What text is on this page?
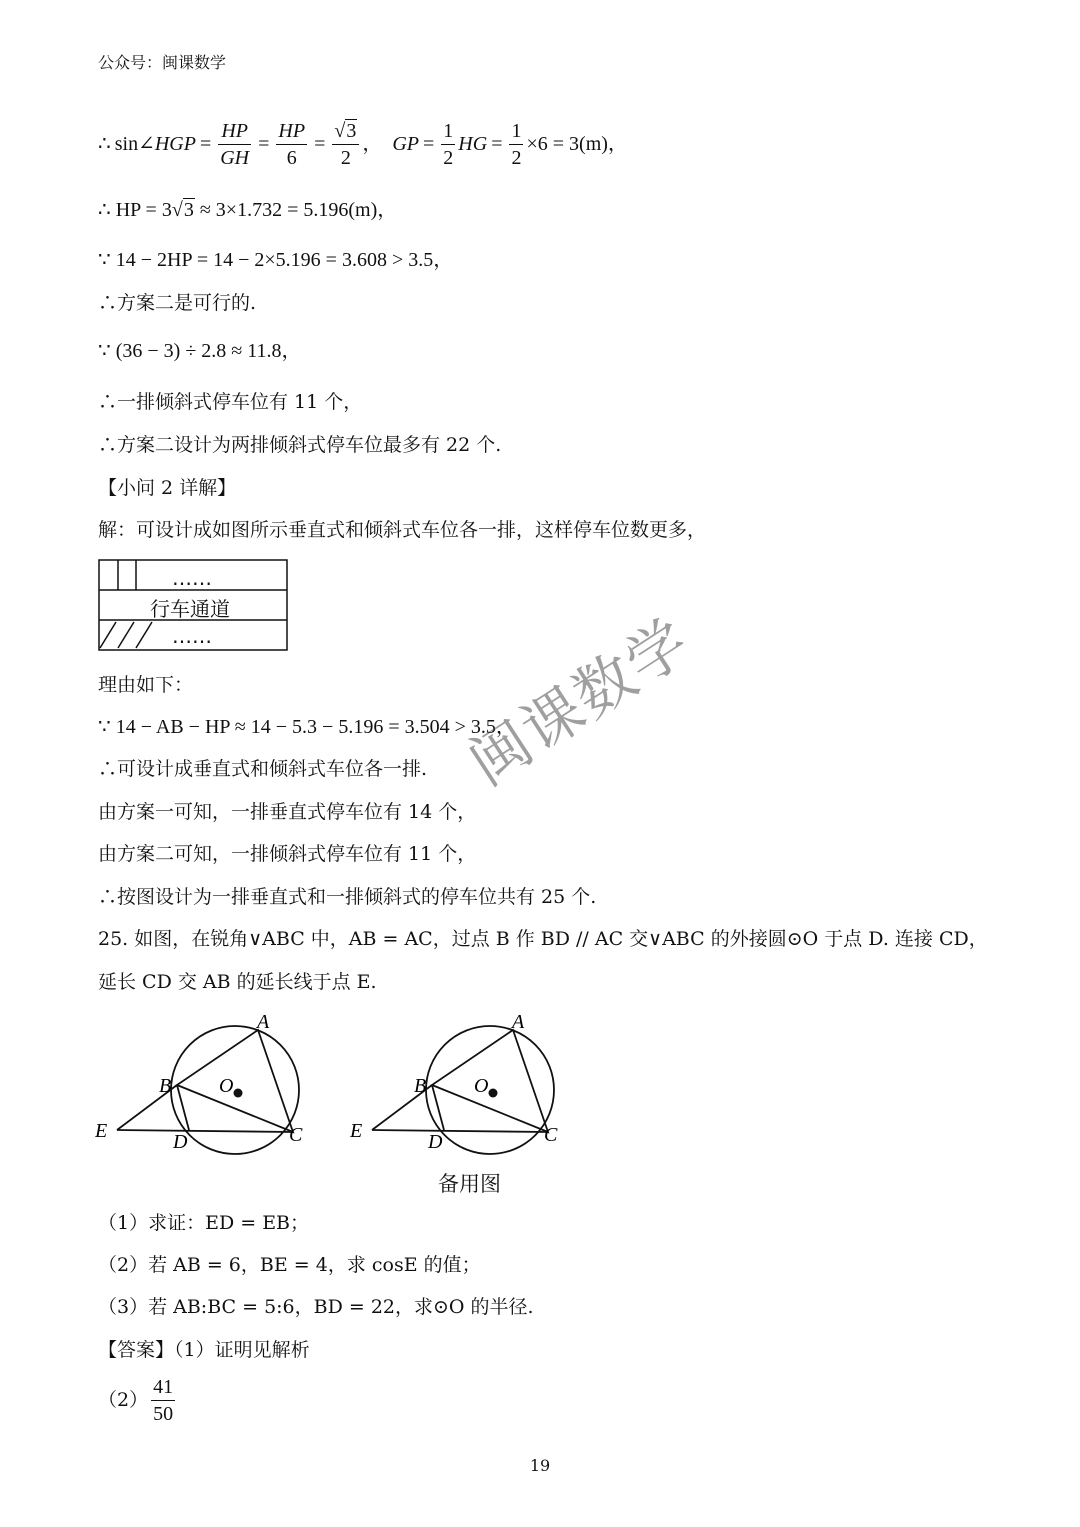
公众号：闽课数学
∴ sin∠ HGP = $\frac{HP}{GH} = \frac{HP}{6} = \frac{√3}{2}$ ， GP = $\frac{1}{2}$ HG = $\frac{1}{2} \times 6 = 3(m)$，
∴ HP = 3√3 ≈ 3×1.732 = 5.196(m)，
∵ 14 − 2HP = 14 − 2×5.196 = 3.608 > 3.5，
∴方案二是可行的.
∵ (36 − 3) ÷ 2.8 ≈ 11.8，
∴一排倾斜式停车位有 11 个，
∴方案二设计为两排倾斜式停车位最多有 22 个.
【小问 2 详解】
解：可设计成如图所示垂直式和倾斜式车位各一排，这样停车位数更多，
……
行车通道
……
理由如下：
∵ 14 − AB − HP ≈ 14 − 5.3 − 5.196 = 3.504 > 3.5，
∴可设计成垂直式和倾斜式车位各一排.
由方案一可知，一排垂直式停车位有 14 个，
由方案二可知，一排倾斜式停车位有 11 个，
∴按图设计为一排垂直式和一排倾斜式的停车位共有 25 个.
25. 如图，在锐角∨ABC 中，AB = AC，过点 B 作 BD // AC 交∨ABC 的外接圆⊙O 于点 D. 连接 CD，
延长 CD 交 AB 的延长线于点 E.
A
B O
E	D	C
A
B O
E	D	C
备用图
（1）求证：ED = EB；
（2）若 AB = 6，BE = 4，求 cosE 的值；
（3）若 AB:BC = 5:6，BD = 22，求⊙O 的半径.
【答案】（1）证明见解析
$(2) \frac{41}{50}$
闽课数学
19
